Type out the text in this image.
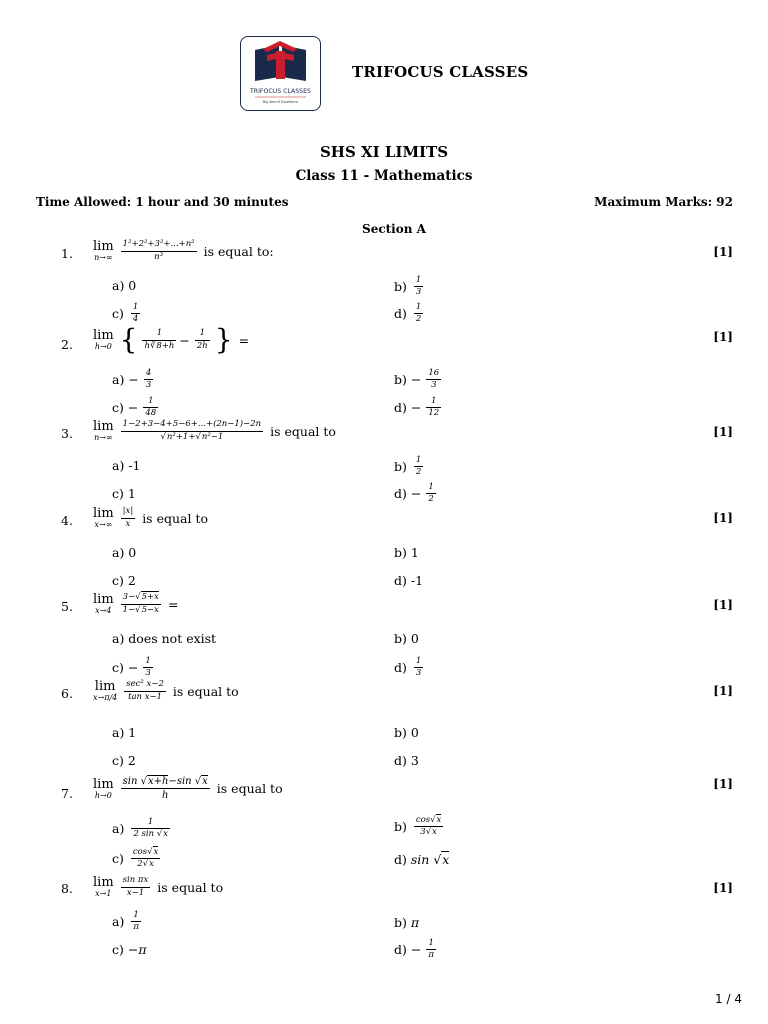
TRIFOCUS CLASSES
Big idea of Excellence
TRIFOCUS CLASSES
SHS XI LIMITS
Class 11 - Mathematics
Time Allowed: 1 hour and 30 minutes	Maximum Marks: 92
Section A
1. lim
$n\to\infty \frac{\text{1²+2²+3²+...+n²}}{\text{n³}}$ is equal to:	[1]
a) 0	$b) \frac{1}{3}$
$c) \frac{1}{4}$	$d) \frac{1}{2}$
2.
lim
h→0 { $\frac{1}{h∛8+h} - \frac{1}{2h}$ } =	[1]
$a) - \frac{4}{3}$	$b) - \frac{16}{3}$
$c) - \frac{1}{48}$	$d) - \frac{1}{12}$
3. lim
$n\to\infty \frac{1-2+3-4+5-6+...+(2n-1)-2n}{\text{√n²+1+√n²−1}}$ is equal to	[1]
a) -1	$b) \frac{1}{2}$
c) 1	$d) - \frac{1}{2}$
4. lim
$x\to\infty \frac{|x|}{x}$ is equal to	[1]
a) 0	b) 1
c) 2	d) -1
5. lim
$x\to 4 \frac{3-√5+x}{1-√5-x}$ =	[1]
a) does not exist	b) 0
$c) - \frac{1}{3}$	$d) \frac{1}{3}$
6. lim
$x\to\pi/4 \frac{\text{sec² x−2}}{\text{tan x−1}}$ is equal to	[1]
a) 1	b) 0
c) 2	d) 3
7.
lim
$h\to 0 \frac{\sin √x+h-\sin √x}{h}$ is equal to	[1]
$a) \frac{1}{2 \sin √x}$	$b) \frac{\cos√x}{3√x}$
$c) \frac{\cos√x}{2√x}$	d) sin √x
8. lim
$x\to 1 \frac{\text{sin πx}}{x-1}$ is equal to	[1]
$a) \frac{1}{\pi}$	b) π
c) −π	$d) - \frac{1}{\pi}$
1 / 4
